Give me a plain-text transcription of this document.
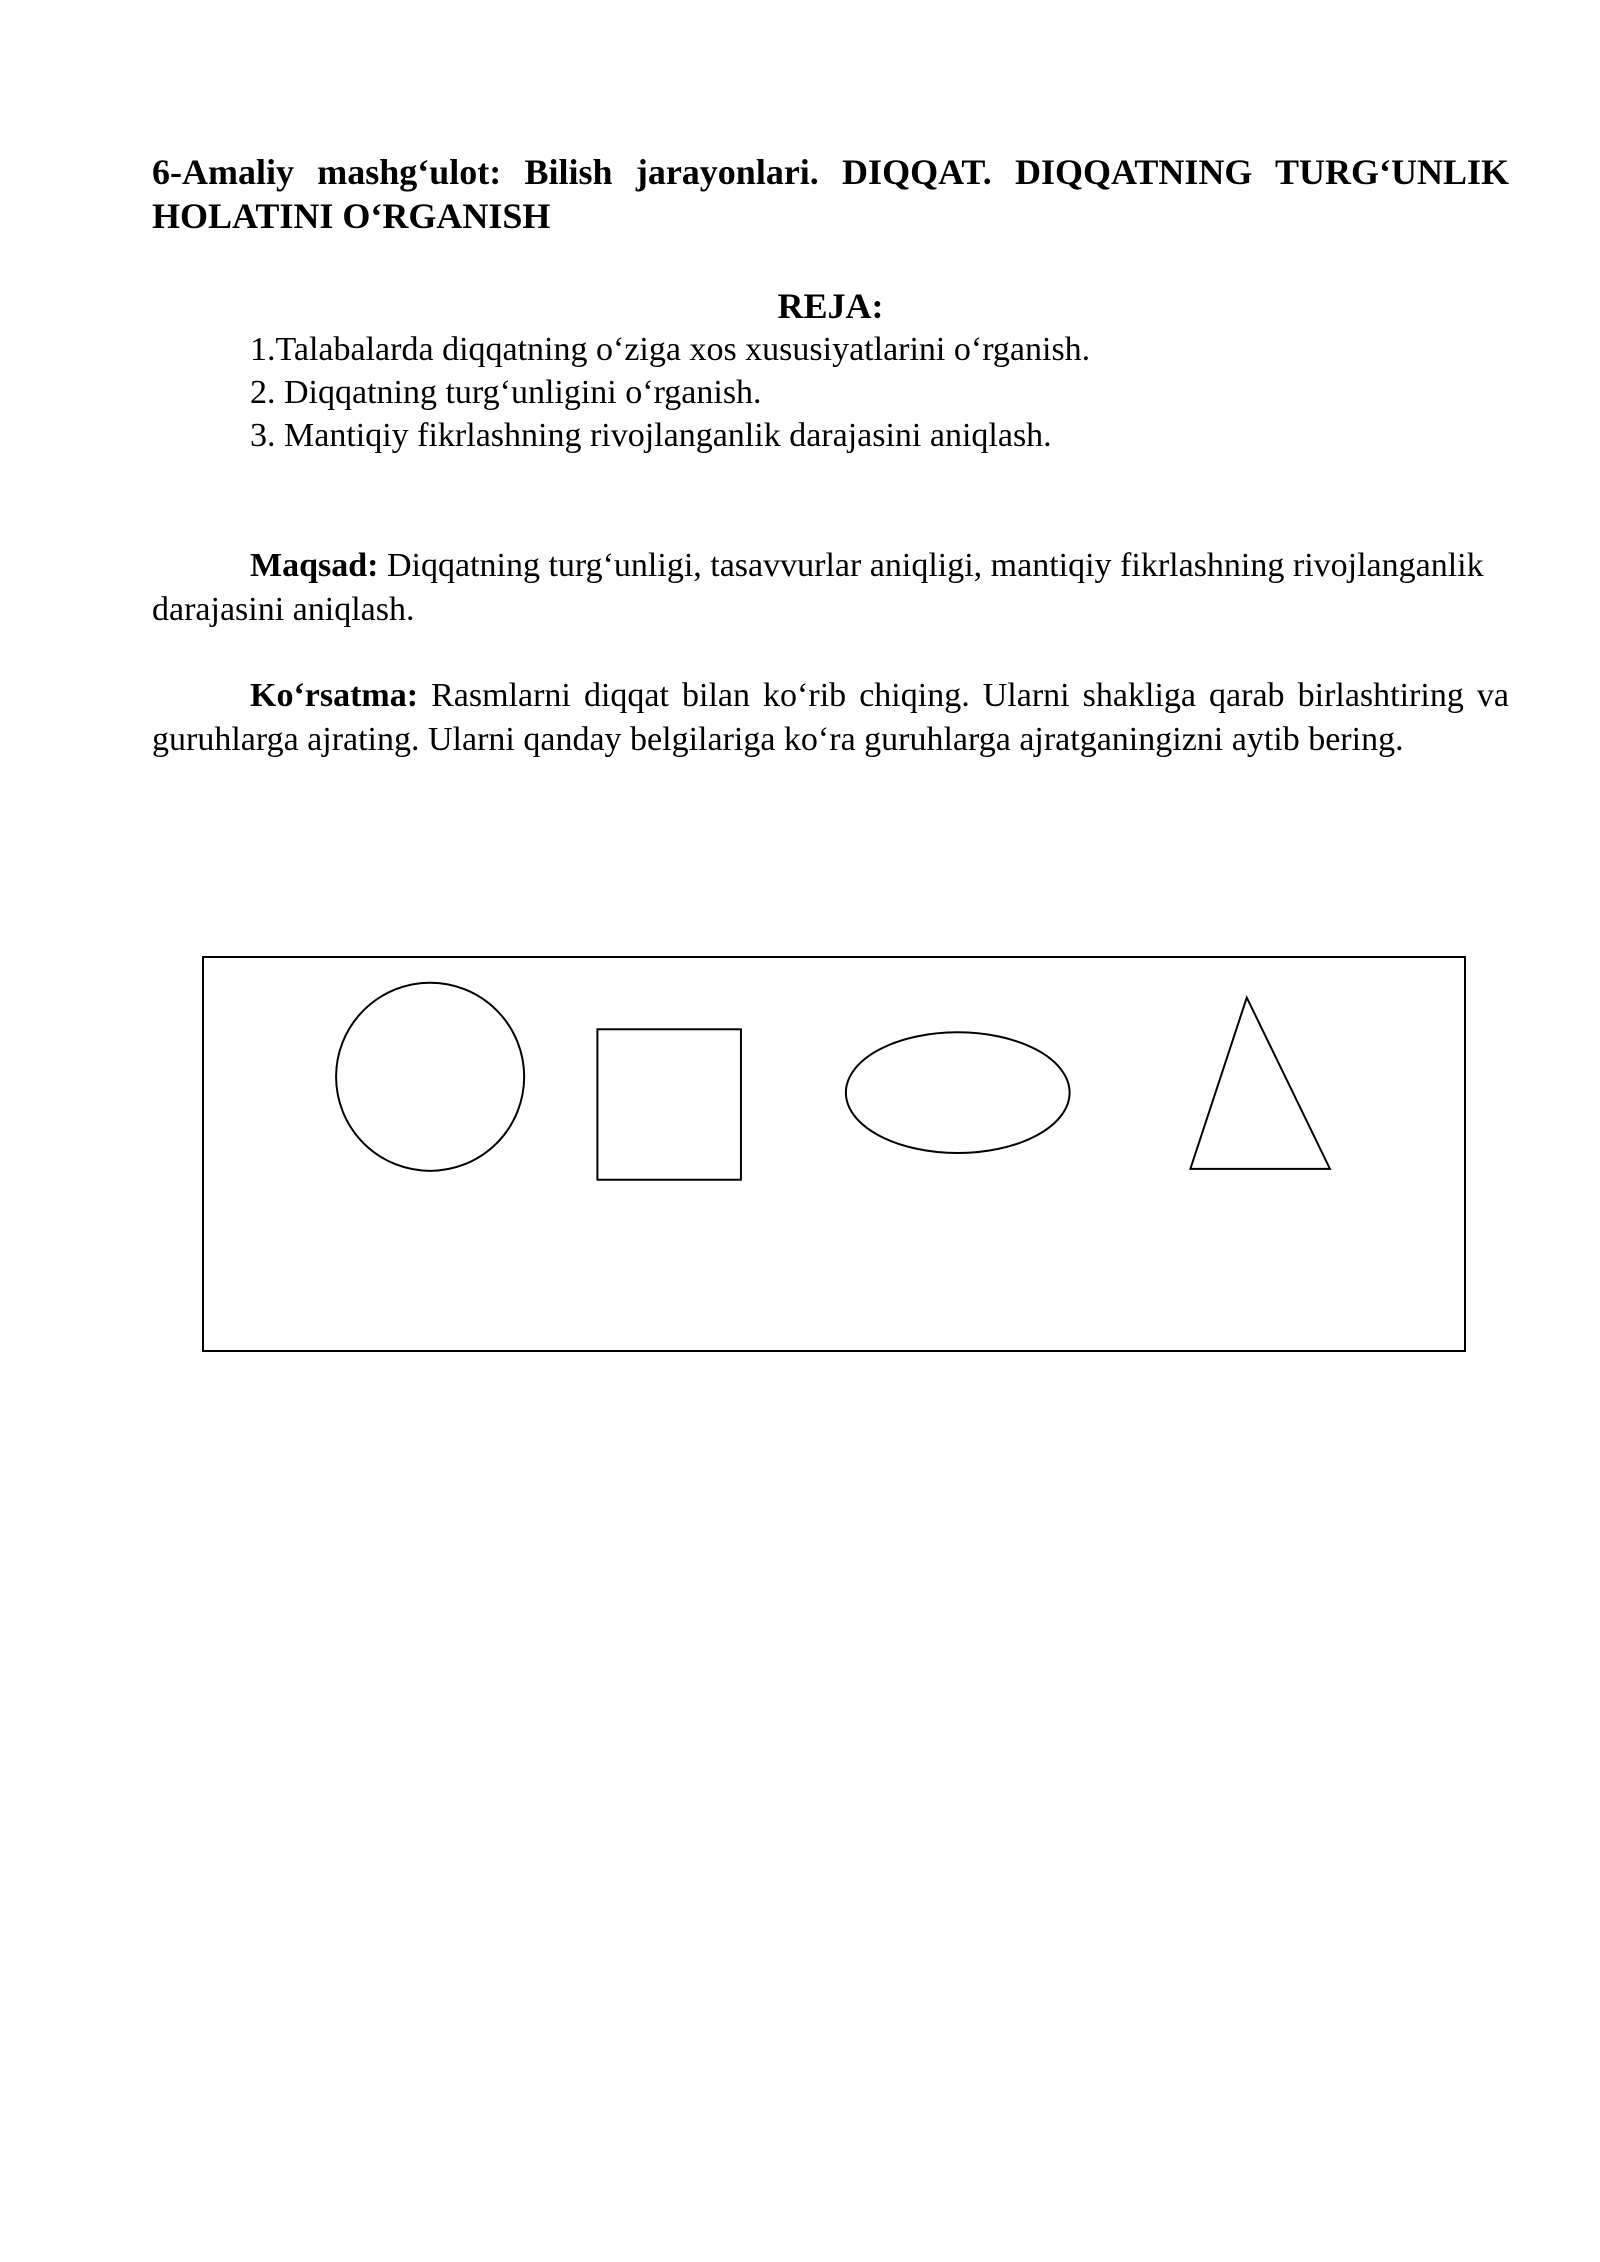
6-Amaliy mashg‘ulot: Bilish jarayonlari. DIQQAT. DIQQATNING TURG‘UNLIK HOLATINI O‘RGANISH
REJA:
1.Talabalarda diqqatning o‘ziga xos xususiyatlarini o‘rganish.
2. Diqqatning turg‘unligini o‘rganish.
3. Mantiqiy fikrlashning rivojlanganlik darajasini aniqlash.

Maqsad: Diqqatning turg‘unligi, tasavvurlar aniqligi, mantiqiy fikrlashning rivojlanganlik darajasini aniqlash.

Ko‘rsatma: Rasmlarni diqqat bilan ko‘rib chiqing. Ularni shakliga qarab birlashtiring va guruhlarga ajrating. Ularni qanday belgilariga ko‘ra guruhlarga ajratganingizni aytib bering.
